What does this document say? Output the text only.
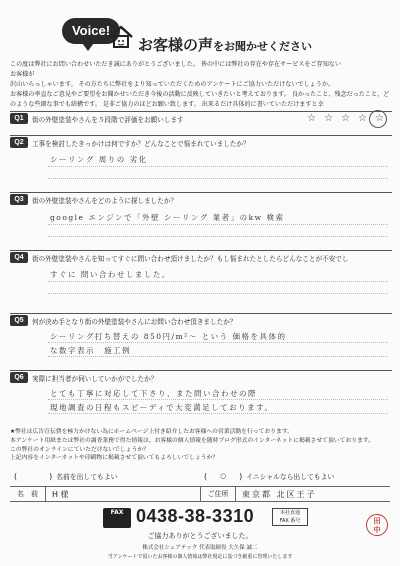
Voice!
お客様の声をお聞かせください

この度は弊社にお問い合わせいただき誠にありがとうございました。 皆の中には弊社の存在や存在サービスをご存知ない

お客様が

沢山いらっしゃいます。 その方たちに弊社をより知っていただくためのアンケートにご協力いただけないでしょうか。

お客様の率直なご意見やご要望をお聞かせいただき今後の活動に反映していきたいと考えております。 良かったこと、残念だったこと、ど

のような些細な事でも結構です。 是非ご協力のほどお願い致します。 出来るだけ具体的に書いていただけますと幸

Q1	街の外壁塗装やさんを５段階で評価をお願いします	☆ ☆ ☆ ☆ ☆
Q2	工事を検討したきっかけは何ですか？どんなことで悩まれていましたか？
シーリング 周りの 劣化
Q3	街の外壁塗装やさんをどのように探しましたか？
google エンジンで「外壁 シーリング 業者」のkw 検索
Q4	街の外壁塗装やさんを知ってすぐに問い合わせ頂けましたか？もし悩まれたとしたらどんなことが不安でし
すぐに 問い合わせしました。
Q5	何が決め手となり街の外壁塗装やさんにお問い合わせ頂きましたか？
シーリング打ち替えの 850円/m²～ という 価格を具体的
な数字表示　施工例
Q6	実際に担当者が伺いしていかがでしたか？
とても丁寧に対応して下さり、また問い合わせの際
現地調査の日程もスピーディで大変満足しております。

★弊社は広告宣伝費を極力かけない為にホームページ上付き紹介したお客様への営業活動を行っております。

本アンケート用紙または弊社の調査業務で得た情報は、お客様の個人情報を随時ブログ形式のインターネットに掲載させて頂いております。

この弊社のオンラインにていただけないでしょうか？

上記内容をインターネットや印刷物に掲載させて頂いてもよろしいでしょうか？

(	) 名前を出してもよい	(	○	) イニシャルなら出してもよい
名　前	H 様	ご住所	東京都 北区王子
FAX 0438-38-3310	本社直通
FAX 番号	田
中
ご協力ありがとうございました。
株式会社シェアテック 代表取締役 大久保 誠二
当アンケートで頂いたお客様の個人情報は弊社規定に基づき厳重に管理いたします
